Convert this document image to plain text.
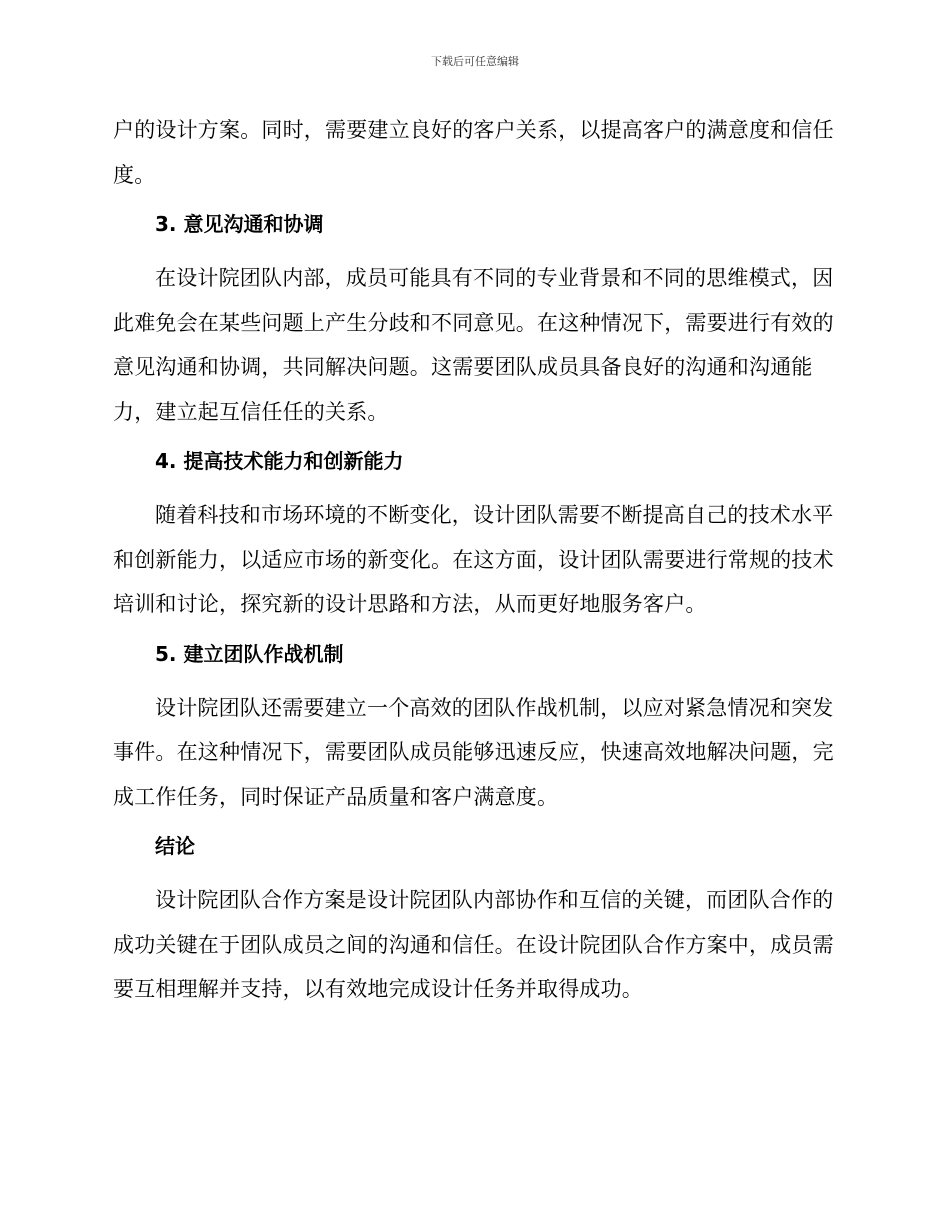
下载后可任意编辑

户的设计方案。同时，需要建立良好的客户关系，以提高客户的满意度和信任度。

3. 意见沟通和协调

在设计院团队内部，成员可能具有不同的专业背景和不同的思维模式，因此难免会在某些问题上产生分歧和不同意见。在这种情况下，需要进行有效的意见沟通和协调，共同解决问题。这需要团队成员具备良好的沟通和沟通能力，建立起互信任任的关系。

4. 提高技术能力和创新能力

随着科技和市场环境的不断变化，设计团队需要不断提高自己的技术水平和创新能力，以适应市场的新变化。在这方面，设计团队需要进行常规的技术培训和讨论，探究新的设计思路和方法，从而更好地服务客户。

5. 建立团队作战机制

设计院团队还需要建立一个高效的团队作战机制，以应对紧急情况和突发事件。在这种情况下，需要团队成员能够迅速反应，快速高效地解决问题，完成工作任务，同时保证产品质量和客户满意度。

结论

设计院团队合作方案是设计院团队内部协作和互信的关键，而团队合作的成功关键在于团队成员之间的沟通和信任。在设计院团队合作方案中，成员需要互相理解并支持，以有效地完成设计任务并取得成功。
